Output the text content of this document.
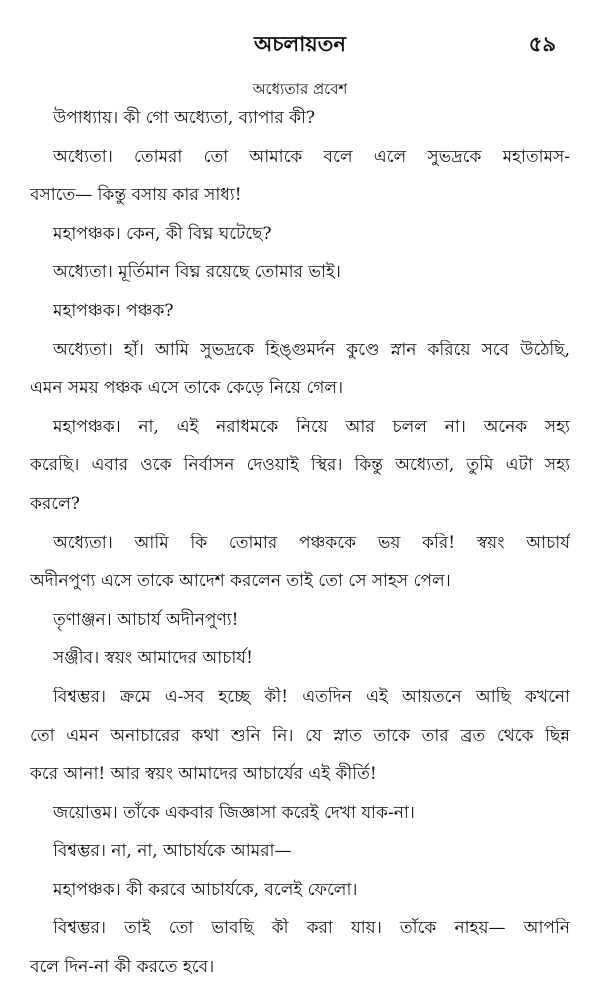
অচলায়তন	৫৯
অধ্যেতার প্রবেশ
উপাধ্যায়। কী গো অধ্যেতা, ব্যাপার কী?
অধ্যেতা। তোমরা তো আমাকে বলে এলে সুভদ্রকে মহাতামস-
বসাতে— কিন্তু বসায় কার সাধ্য!
মহাপঞ্চক। কেন, কী বিঘ্ন ঘটেছে?
অধ্যেতা। মূর্তিমান বিঘ্ন রয়েছে তোমার ভাই।
মহাপঞ্চক। পঞ্চক?
অধ্যেতা। হাঁ। আমি সুভদ্রকে হিঙ্গুমর্দন কুণ্ডে স্নান করিয়ে সবে উঠেছি,
এমন সময় পঞ্চক এসে তাকে কেড়ে নিয়ে গেল।
মহাপঞ্চক। না, এই নরাধমকে নিয়ে আর চলল না। অনেক সহ্য
করেছি। এবার ওকে নির্বাসন দেওয়াই স্থির। কিন্তু অধ্যেতা, তুমি এটা সহ্য
করলে?
অধ্যেতা। আমি কি তোমার পঞ্চককে ভয় করি! স্বয়ং আচার্য
অদীনপুণ্য এসে তাকে আদেশ করলেন তাই তো সে সাহস পেল।
তৃণাঞ্জন। আচার্য অদীনপুণ্য!
সঞ্জীব। স্বয়ং আমাদের আচার্য!
বিশ্বম্ভর। ক্রমে এ-সব হচ্ছে কী! এতদিন এই আয়তনে আছি কখনো
তো এমন অনাচারের কথা শুনি নি। যে স্নাত তাকে তার ব্রত থেকে ছিন্ন
করে আনা! আর স্বয়ং আমাদের আচার্যের এই কীর্তি!
জয়োত্তম। তাঁকে একবার জিজ্ঞাসা করেই দেখা যাক-না।
বিশ্বম্ভর। না, না, আচার্যকে আমরা—
মহাপঞ্চক। কী করবে আচার্যকে, বলেই ফেলো।
বিশ্বম্ভর। তাই তো ভাবছি কী করা যায়। তাঁকে নাহয়— আপনি
বলে দিন-না কী করতে হবে।
